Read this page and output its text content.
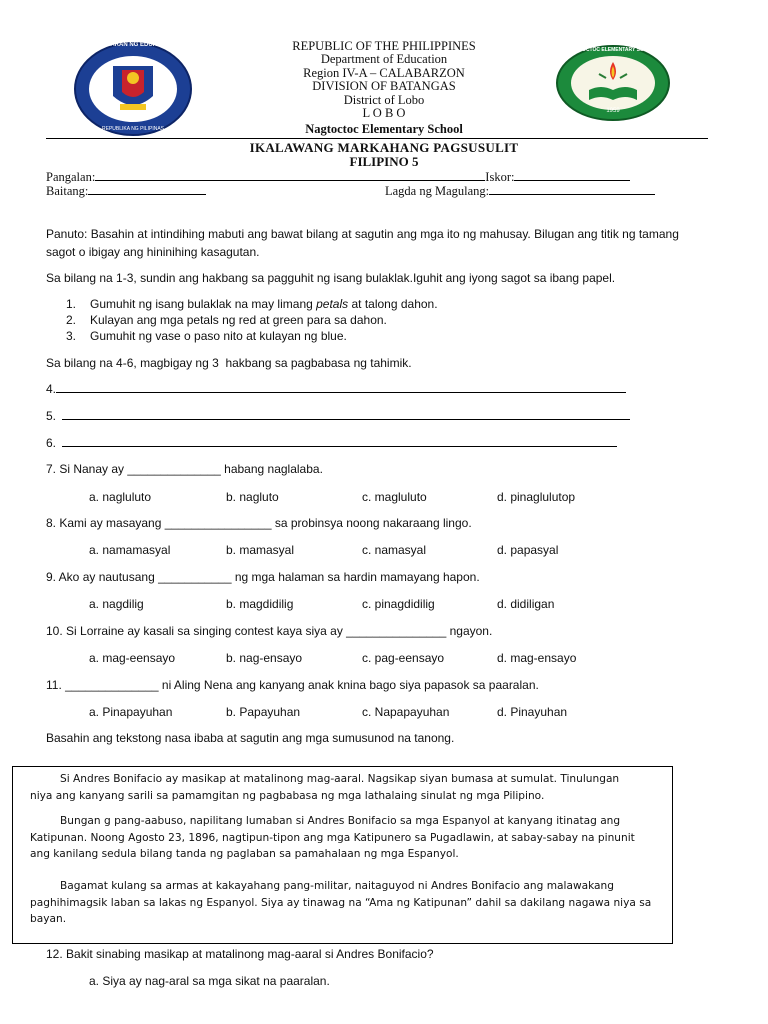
KAGAWARAN NG EDUKASYON
REPUBLIKA NG PILIPINAS
NAGTOCTOC ELEMENTARY SCHOOL
1959
REPUBLIC OF THE PHILIPPINES
Department of Education
Region IV-A – CALABARZON
DIVISION OF BATANGAS
District of Lobo
L O B O
Nagtoctoc Elementary School
IKALAWANG MARKAHANG PAGSUSULIT
FILIPINO 5
Pangalan:	Iskor:
Baitang:	Lagda ng Magulang:
Panuto: Basahin at intindihing mabuti ang bawat bilang at sagutin ang mga ito ng mahusay. Bilugan ang titik ng tamang
sagot o ibigay ang hininihing kasagutan.
Sa bilang na 1-3, sundin ang hakbang sa pagguhit ng isang bulaklak.Iguhit ang iyong sagot sa ibang papel.
1. Gumuhit ng isang bulaklak na may limang petals at talong dahon.
2. Kulayan ang mga petals ng red at green para sa dahon.
3. Gumuhit ng vase o paso nito at kulayan ng blue.
Sa bilang na 4-6, magbigay ng 3  hakbang sa pagbabasa ng tahimik.
4.
5.
6.
7. Si Nanay ay ______________ habang naglalaba.
a. nagluluto	b. nagluto	c. magluluto	d. pinaglulutop
8. Kami ay masayang ________________ sa probinsya noong nakaraang lingo.
a. namamasyal	b. mamasyal	c. namasyal	d. papasyal
9. Ako ay nautusang ___________ ng mga halaman sa hardin mamayang hapon.
a. nagdilig	b. magdidilig	c. pinagdidilig	d. didiligan
10. Si Lorraine ay kasali sa singing contest kaya siya ay _______________ ngayon.
a. mag-eensayo	b. nag-ensayo	c. pag-eensayo	d. mag-ensayo
11. ______________ ni Aling Nena ang kanyang anak knina bago siya papasok sa paaralan.
a. Pinapayuhan	b. Papayuhan	c. Napapayuhan	d. Pinayuhan
Basahin ang tekstong nasa ibaba at sagutin ang mga sumusunod na tanong.

Si Andres Bonifacio ay masikap at matalinong mag-aaral. Nagsikap siyan bumasa at sumulat. Tinulungan

niya ang kanyang sarili sa pamamgitan ng pagbabasa ng mga lathalaing sinulat ng mga Pilipino.

Bungan g pang-aabuso, napilitang lumaban si Andres Bonifacio sa mga Espanyol at kanyang itinatag ang

Katipunan. Noong Agosto 23, 1896, nagtipun-tipon ang mga Katipunero sa Pugadlawin, at sabay-sabay na pinunit

ang kanilang sedula bilang tanda ng paglaban sa pamahalaan ng mga Espanyol.

Bagamat kulang sa armas at kakayahang pang-militar, naitaguyod ni Andres Bonifacio ang malawakang

paghihimagsik laban sa lakas ng Espanyol. Siya ay tinawag na “Ama ng Katipunan” dahil sa dakilang nagawa niya sa

bayan.

12. Bakit sinabing masikap at matalinong mag-aaral si Andres Bonifacio?
a. Siya ay nag-aral sa mga sikat na paaralan.
